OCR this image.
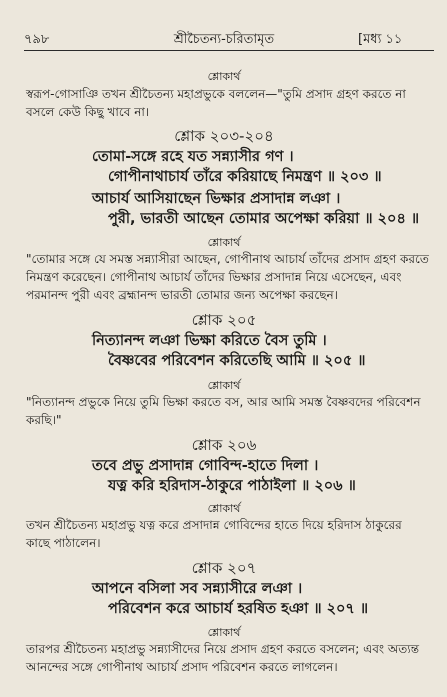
৭৯৮	শ্রীচৈতন্য-চরিতামৃত	[মধ্য ১১
শ্লোকার্থ
স্বরূপ-গোসাঞি তখন শ্রীচৈতন্য মহাপ্রভুকে বললেন—"তুমি প্রসাদ গ্রহণ করতে না
বসলে কেউ কিছু খাবে না।
শ্লোক ২০৩-২০৪
তোমা-সঙ্গে রহে যত সন্ন্যাসীর গণ ।
গোপীনাথাচার্য তাঁরে করিয়াছে নিমন্ত্রণ ॥ ২০৩ ॥
আচার্য আসিয়াছেন ভিক্ষার প্রসাদান্ন লঞা ।
পুরী, ভারতী আছেন তোমার অপেক্ষা করিয়া ॥ ২০৪ ॥
শ্লোকার্থ
"তোমার সঙ্গে যে সমস্ত সন্ন্যাসীরা আছেন, গোপীনাথ আচার্য তাঁদের প্রসাদ গ্রহণ করতে
নিমন্ত্রণ করেছেন। গোপীনাথ আচার্য তাঁদের ভিক্ষার প্রসাদান্ন নিয়ে এসেছেন, এবং
পরমানন্দ পুরী এবং ব্রহ্মানন্দ ভারতী তোমার জন্য অপেক্ষা করছেন।
শ্লোক ২০৫
নিত্যানন্দ লঞা ভিক্ষা করিতে বৈস তুমি ।
বৈষ্ণবের পরিবেশন করিতেছি আমি ॥ ২০৫ ॥
শ্লোকার্থ
"নিত্যানন্দ প্রভুকে নিয়ে তুমি ভিক্ষা করতে বস, আর আমি সমস্ত বৈষ্ণবদের পরিবেশন
করছি।"
শ্লোক ২০৬
তবে প্রভু প্রসাদান্ন গোবিন্দ-হাতে দিলা ।
যত্ন করি হরিদাস-ঠাকুরে পাঠাইলা ॥ ২০৬ ॥
শ্লোকার্থ
তখন শ্রীচৈতন্য মহাপ্রভু যত্ন করে প্রসাদান্ন গোবিন্দের হাতে দিয়ে হরিদাস ঠাকুরের
কাছে পাঠালেন।
শ্লোক ২০৭
আপনে বসিলা সব সন্ন্যাসীরে লঞা ।
পরিবেশন করে আচার্য হরষিত হঞা ॥ ২০৭ ॥
শ্লোকার্থ
তারপর শ্রীচৈতন্য মহাপ্রভু সন্ন্যাসীদের নিয়ে প্রসাদ গ্রহণ করতে বসলেন; এবং অত্যন্ত
আনন্দের সঙ্গে গোপীনাথ আচার্য প্রসাদ পরিবেশন করতে লাগলেন।
